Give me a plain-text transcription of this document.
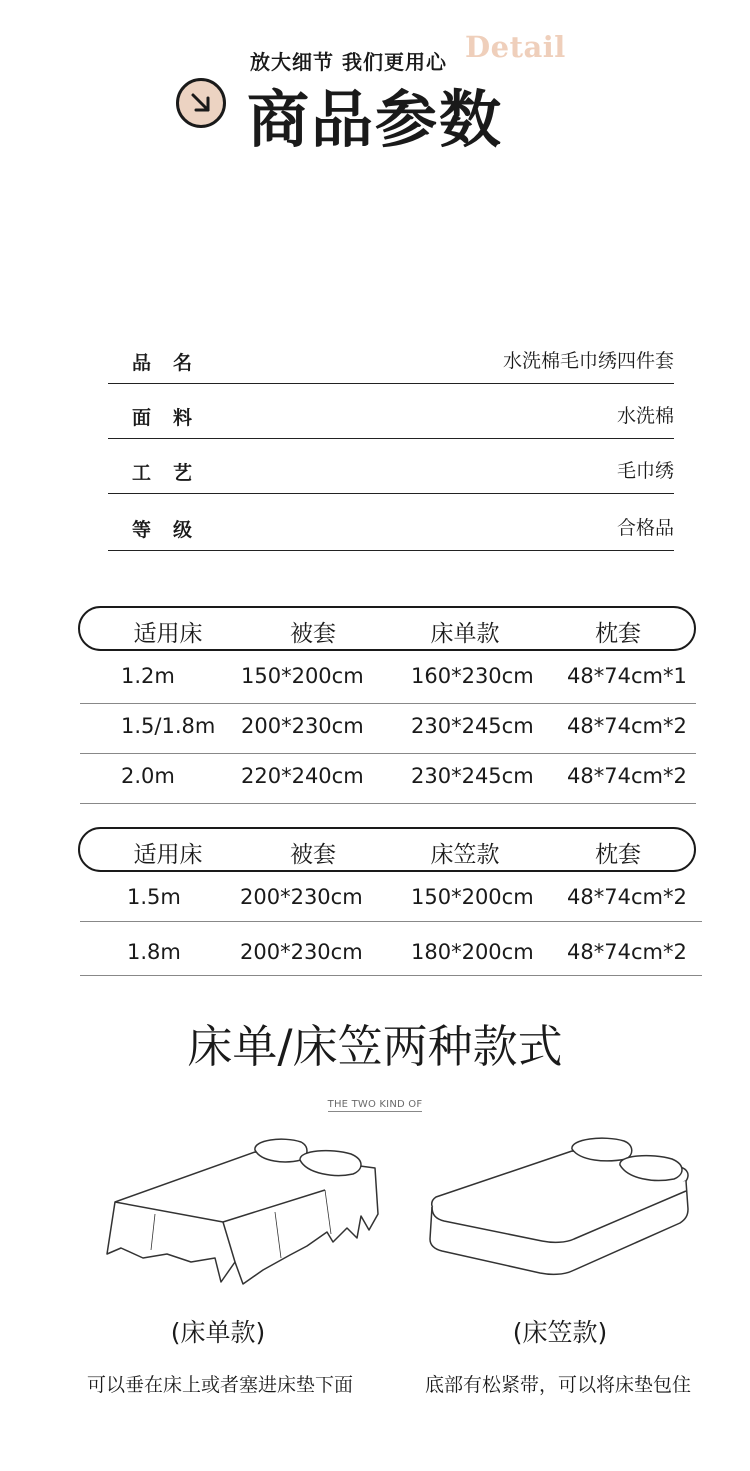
放大细节 我们更用心 Detail
商品参数
品名	水洗棉毛巾绣四件套
面料	水洗棉
工艺	毛巾绣
等级	合格品
适用床	被套	床单款	枕套
1.2m	150*200cm 160*230cm 48*74cm*1
1.5/1.8m 200*230cm 230*245cm 48*74cm*2
2.0m	220*240cm 230*245cm 48*74cm*2
适用床	被套	床笠款	枕套
1.5m	200*230cm 150*200cm 48*74cm*2
1.8m	200*230cm 180*200cm 48*74cm*2
床单/床笠两种款式
THE TWO KIND OF
(床单款)	(床笠款)
可以垂在床上或者塞进床垫下面	底部有松紧带，可以将床垫包住
